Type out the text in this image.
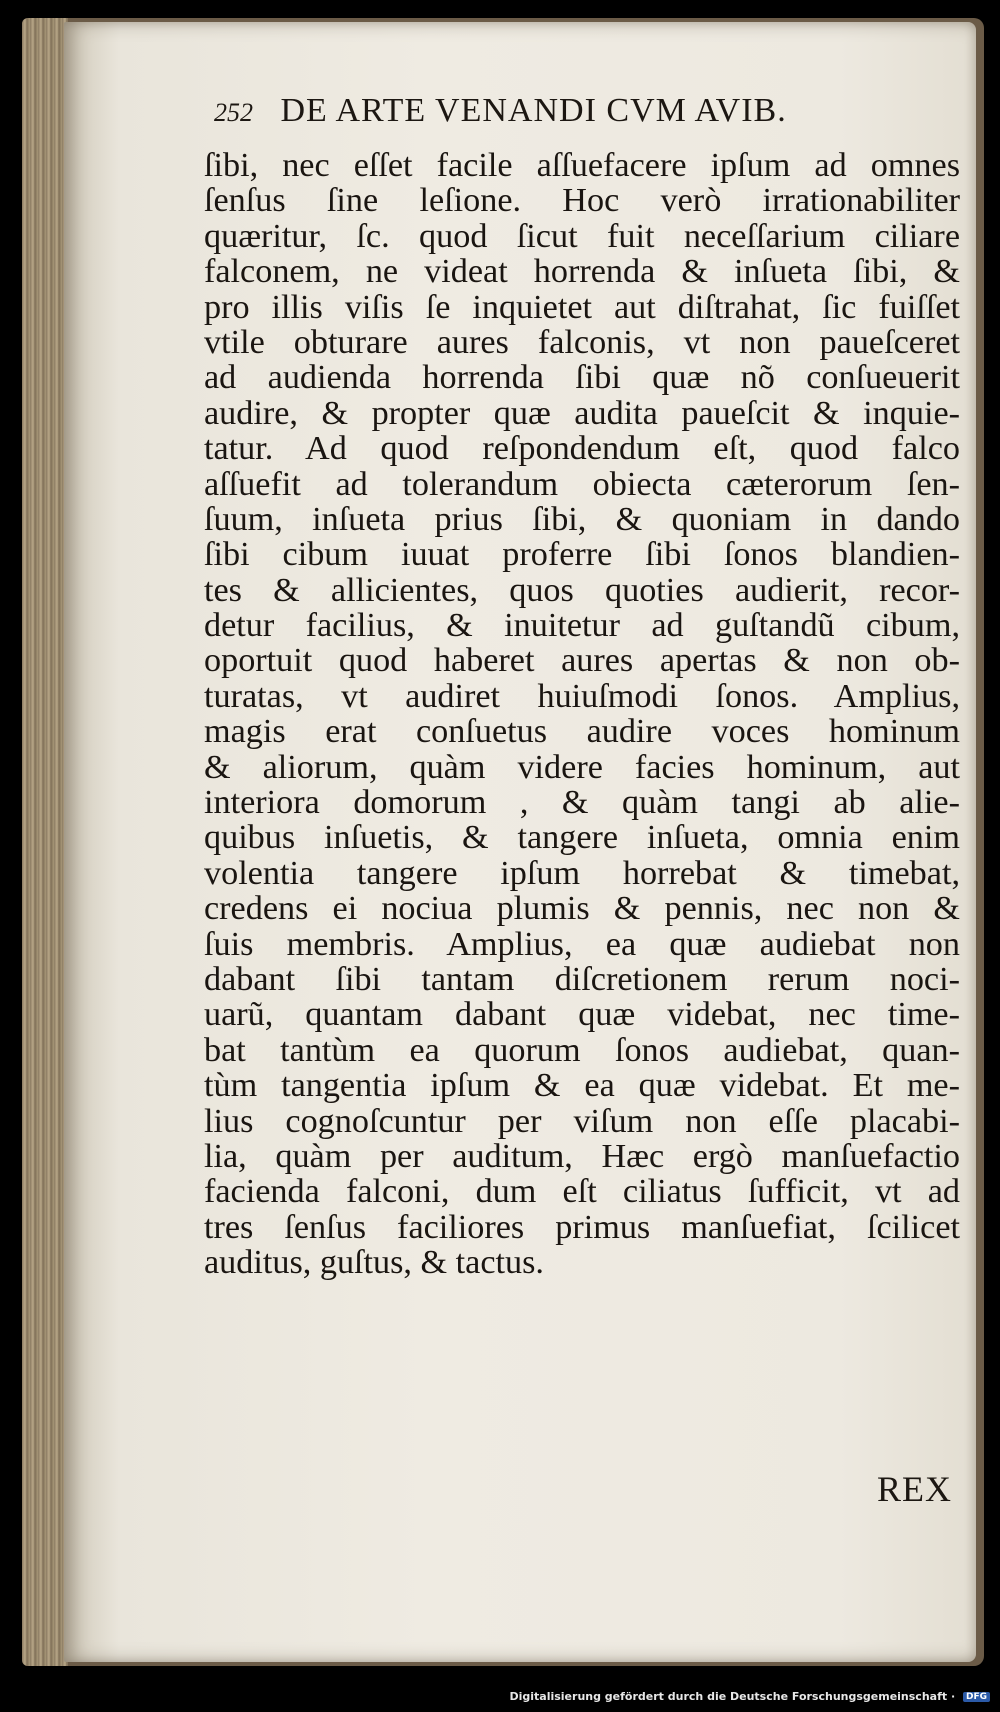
252 DE ARTE VENANDI CVM AVIB.
ſibi, nec eſſet facile aſſuefacere ipſum ad omnes
ſenſus ſine leſione. Hoc verò irrationabiliter
quæritur, ſc. quod ſicut fuit neceſſarium ciliare
falconem, ne videat horrenda & inſueta ſibi, &
pro illis viſis ſe inquietet aut diſtrahat, ſic fuiſſet
vtile obturare aures falconis, vt non paueſceret
ad audienda horrenda ſibi quæ nõ conſueuerit
audire, & propter quæ audita paueſcit & inquie-
tatur. Ad quod reſpondendum eſt, quod falco
aſſuefit ad tolerandum obiecta cæterorum ſen-
ſuum, inſueta prius ſibi, & quoniam in dando
ſibi cibum iuuat proferre ſibi ſonos blandien-
tes & allicientes, quos quoties audierit, recor-
detur facilius, & inuitetur ad guſtandũ cibum,
oportuit quod haberet aures apertas & non ob-
turatas, vt audiret huiuſmodi ſonos. Amplius,
magis erat conſuetus audire voces hominum
& aliorum, quàm videre facies hominum, aut
interiora domorum , & quàm tangi ab alie-
quibus inſuetis, & tangere inſueta, omnia enim
volentia tangere ipſum horrebat & timebat,
credens ei nociua plumis & pennis, nec non &
ſuis membris. Amplius, ea quæ audiebat non
dabant ſibi tantam diſcretionem rerum noci-
uarũ, quantam dabant quæ videbat, nec time-
bat tantùm ea quorum ſonos audiebat, quan-
tùm tangentia ipſum & ea quæ videbat. Et me-
lius cognoſcuntur per viſum non eſſe placabi-
lia, quàm per auditum, Hæc ergò manſuefactio
facienda falconi, dum eſt ciliatus ſufficit, vt ad
tres ſenſus faciliores primus manſuefiat, ſcilicet
auditus, guſtus, & tactus.
REX
Digitalisierung gefördert durch die Deutsche Forschungsgemeinschaft · DFG
